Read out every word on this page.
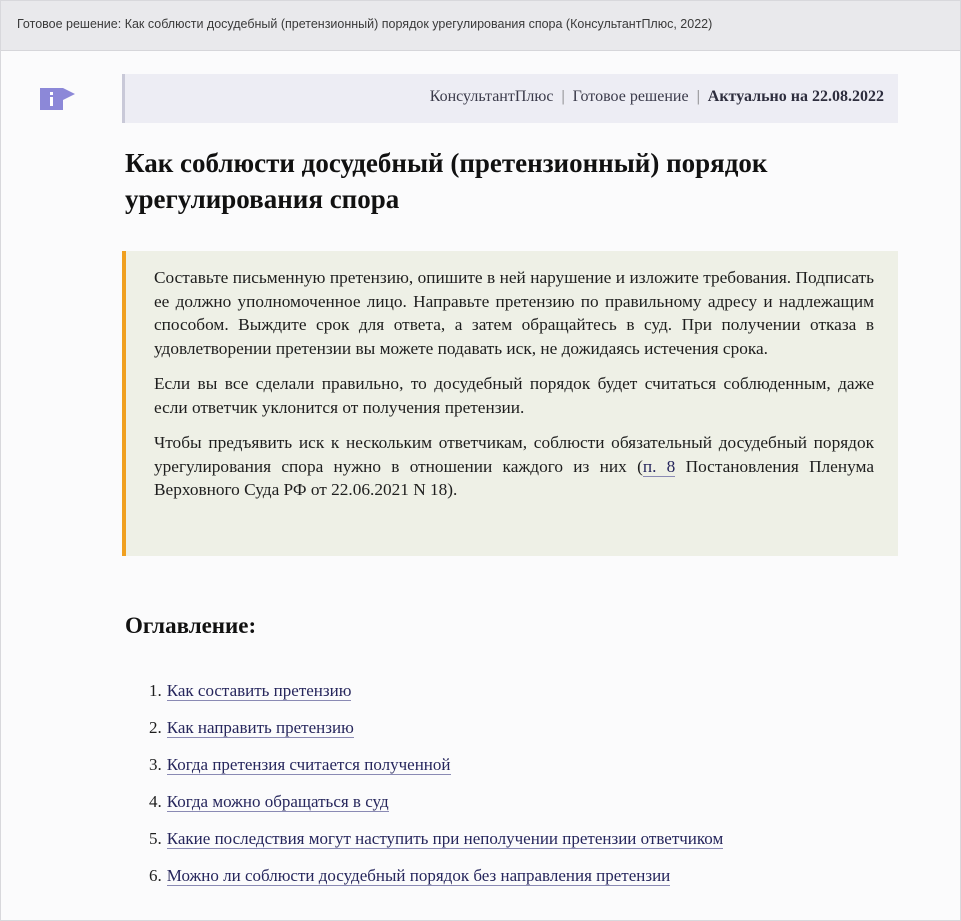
Готовое решение: Как соблюсти досудебный (претензионный) порядок урегулирования спора (КонсультантПлюс, 2022)
КонсультантПлюс | Готовое решение | Актуально на 22.08.2022
Как соблюсти досудебный (претензионный) порядок урегулирования спора

Составьте письменную претензию, опишите в ней нарушение и изложите требования. Подписать ее должно уполномоченное лицо. Направьте претензию по правильному адресу и надлежащим способом. Выждите срок для ответа, а затем обращайтесь в суд. При получении отказа в удовлетворении претензии вы можете подавать иск, не дожидаясь истечения срока.

Если вы все сделали правильно, то досудебный порядок будет считаться соблюденным, даже если ответчик уклонится от получения претензии.

Чтобы предъявить иск к нескольким ответчикам, соблюсти обязательный досудебный порядок урегулирования спора нужно в отношении каждого из них (п. 8 Постановления Пленума Верховного Суда РФ от 22.06.2021 N 18).

Оглавление:
1. Как составить претензию
2. Как направить претензию
3. Когда претензия считается полученной
4. Когда можно обращаться в суд
5. Какие последствия могут наступить при неполучении претензии ответчиком
6. Можно ли соблюсти досудебный порядок без направления претензии
